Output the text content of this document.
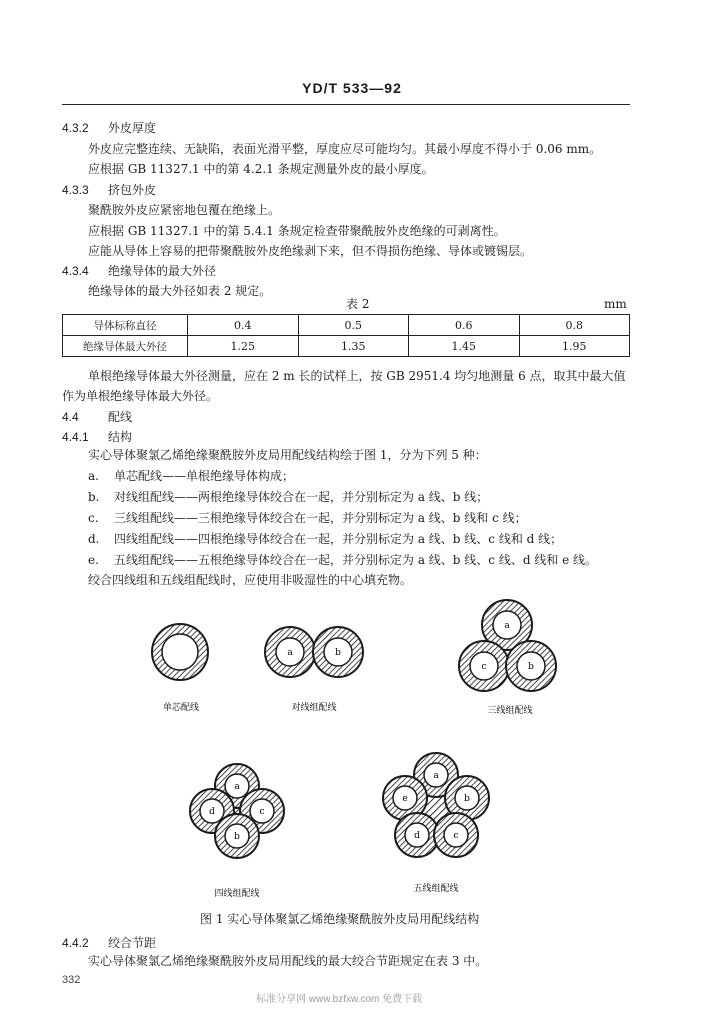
YD/T 533—92
4.3.2 外皮厚度
外皮应完整连续、无缺陷，表面光滑平整，厚度应尽可能均匀。其最小厚度不得小于 0.06 mm。
应根据 GB 11327.1 中的第 4.2.1 条规定测量外皮的最小厚度。
4.3.3 挤包外皮
聚酰胺外皮应紧密地包覆在绝缘上。
应根据 GB 11327.1 中的第 5.4.1 条规定检查带聚酰胺外皮绝缘的可剥离性。
应能从导体上容易的把带聚酰胺外皮绝缘剥下来，但不得损伤绝缘、导体或镀锡层。
4.3.4 绝缘导体的最大外径
绝缘导体的最大外径如表 2 规定。
表 2	mm
导体标称直径	0.4	0.5	0.6	0.8
绝缘导体最大外径	1.25	1.35	1.45	1.95
单根绝缘导体最大外径测量，应在 2 m 长的试样上，按 GB 2951.4 均匀地测量 6 点，取其中最大值
作为单根绝缘导体最大外径。
4.4 配线
4.4.1 结构
实心导体聚氯乙烯绝缘聚酰胺外皮局用配线结构绘于图 1，分为下列 5 种：
a. 单芯配线——单根绝缘导体构成；
b. 对线组配线——两根绝缘导体绞合在一起，并分别标定为 a 线、b 线；
c. 三线组配线——三根绝缘导体绞合在一起，并分别标定为 a 线、b 线和 c 线；
d. 四线组配线——四根绝缘导体绞合在一起，并分别标定为 a 线、b 线、c 线和 d 线；
e. 五线组配线——五根绝缘导体绞合在一起，并分别标定为 a 线、b 线、c 线、d 线和 e 线。
绞合四线组和五线组配线时，应使用非吸湿性的中心填充物。
单芯配线
a	b
对线组配线
a
c	b
三线组配线
a
d	c
b
四线组配线
a
e	b
d	c
五线组配线
图 1 实心导体聚氯乙烯绝缘聚酰胺外皮局用配线结构
4.4.2 绞合节距
实心导体聚氯乙烯绝缘聚酰胺外皮局用配线的最大绞合节距规定在表 3 中。
332
标准分享网 www.bzfxw.com 免费下载
